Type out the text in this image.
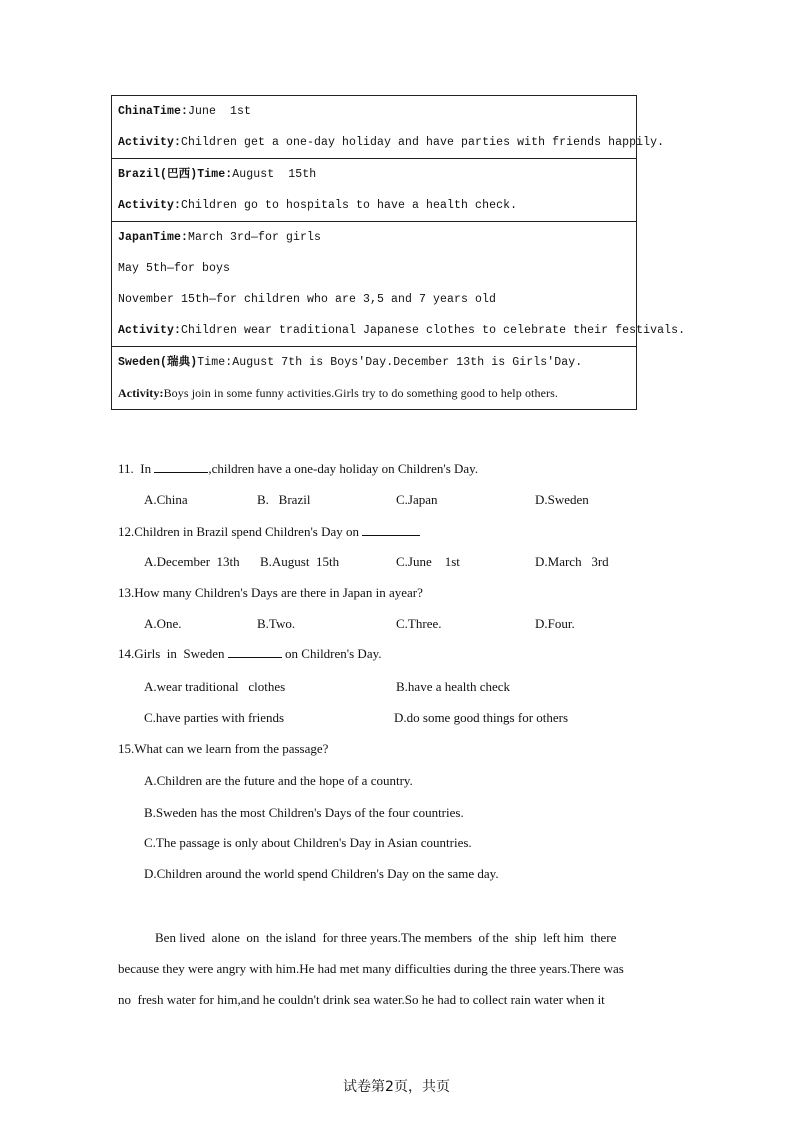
ChinaTime:June  1st
Activity:Children get a one-day holiday and have parties with friends happily.
Brazil(巴西)Time:August  15th
Activity:Children go to hospitals to have a health check.
JapanTime:March 3rd—for girls
May 5th—for boys
November 15th—for children who are 3,5 and 7 years old
Activity:Children wear traditional Japanese clothes to celebrate their festivals.
Sweden(瑞典)Time:August 7th is Boys'Day.December 13th is Girls'Day.
Activity:Boys join in some funny activities.Girls try to do something good to help others.
11.  In	,children have a one-day holiday on Children's Day.
A.China	B.   Brazil	C.Japan	D.Sweden
12.Children in Brazil spend Children's Day on
A.December  13th B.August  15th	C.June    1st	D.March   3rd
13.How many Children's Days are there in Japan in ayear?
A.One.	B.Two.	C.Three.	D.Four.
14.Girls  in  Sweden	on Children's Day.
A.wear traditional   clothes	B.have a health check
C.have parties with friends	D.do some good things for others
15.What can we learn from the passage?
A.Children are the future and the hope of a country.
B.Sweden has the most Children's Days of the four countries.
C.The passage is only about Children's Day in Asian countries.
D.Children around the world spend Children's Day on the same day.
Ben lived  alone  on  the island  for three years.The members  of the  ship  left him  there
because they were angry with him.He had met many difficulties during the three years.There was
no  fresh water for him,and he couldn't drink sea water.So he had to collect rain water when it
试卷第2页，共页
